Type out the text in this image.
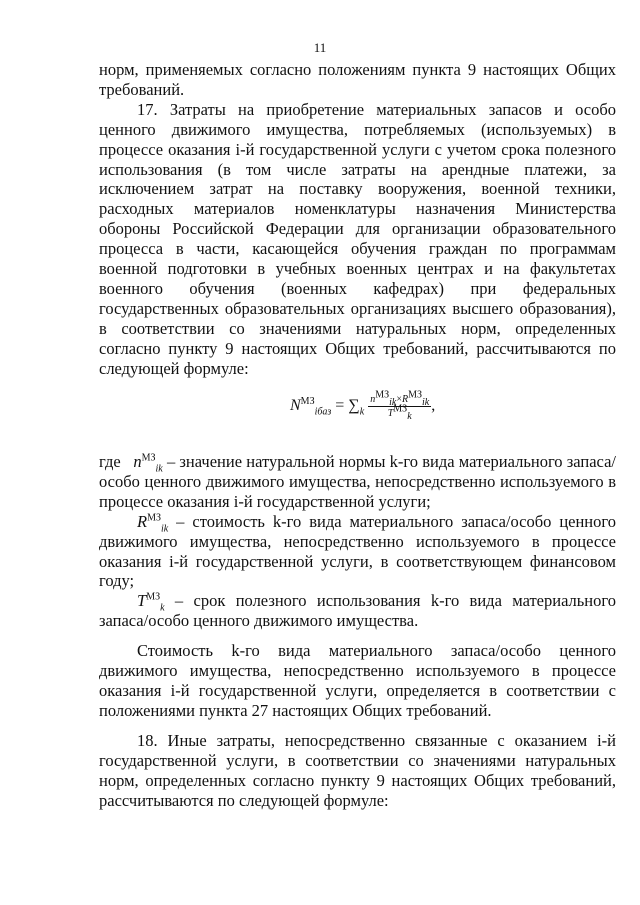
11

норм, применяемых согласно положениям пункта 9 настоящих Общих требований.

17. Затраты на приобретение материальных запасов и особо ценного движимого имущества, потребляемых (используемых) в процессе оказания i-й государственной услуги с учетом срока полезного использования (в том числе затраты на арендные платежи, за исключением затрат на поставку вооружения, военной техники, расходных материалов номенклатуры назначения Министерства обороны Российской Федерации для организации образовательного процесса в части, касающейся обучения граждан по программам военной подготовки в учебных военных центрах и на факультетах военного обучения (военных кафедрах) при федеральных государственных образовательных организациях высшего образования), в соответствии со значениями натуральных норм, определенных согласно пункту 9 настоящих Общих требований, рассчитываются по следующей формуле:

$N^{МЗ}_{iбаз} = \sum_k \frac{n^{МЗ}_{ik}\times R^{МЗ}_{ik}}{T^{МЗ}_k}$ ,

где $n^{МЗ}_{ik}$ – значение натуральной нормы k-го вида материального запаса/особо ценного движимого имущества, непосредственно используемого в процессе оказания i-й государственной услуги;

$R^{МЗ}_{ik}$ – стоимость k-го вида материального запаса/особо ценного движимого имущества, непосредственно используемого в процессе оказания i-й государственной услуги, в соответствующем финансовом году;

$T^{МЗ}_k$ – срок полезного использования k-го вида материального запаса/особо ценного движимого имущества.

Стоимость k-го вида материального запаса/особо ценного движимого имущества, непосредственно используемого в процессе оказания i-й государственной услуги, определяется в соответствии с положениями пункта 27 настоящих Общих требований.

18. Иные затраты, непосредственно связанные с оказанием i-й государственной услуги, в соответствии со значениями натуральных норм, определенных согласно пункту 9 настоящих Общих требований, рассчитываются по следующей формуле:
